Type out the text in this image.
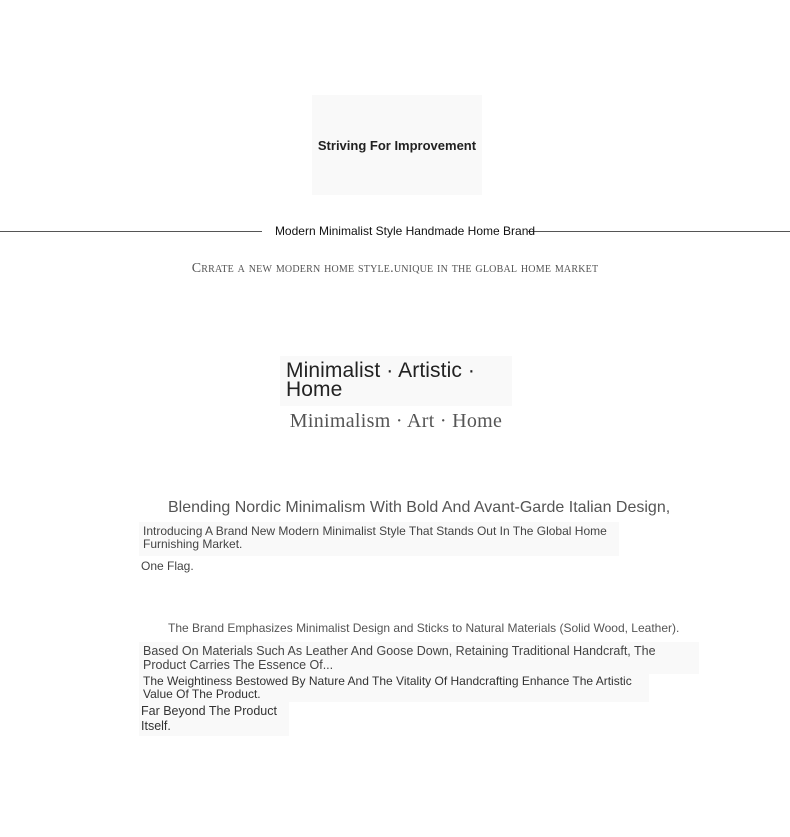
Striving For Improvement

Modern Minimalist Style Handmade Home Brand

Crrate a new modern home style.unique in the global home market

Minimalist · Artistic · Home
Minimalism · Art · Home

Blending Nordic Minimalism With Bold And Avant-Garde Italian Design,

Introducing A Brand New Modern Minimalist Style That Stands Out In The Global Home Furnishing Market.

One Flag.

The Brand Emphasizes Minimalist Design and Sticks to Natural Materials (Solid Wood, Leather).

Based On Materials Such As Leather And Goose Down, Retaining Traditional Handcraft, The Product Carries The Essence Of...

The Weightiness Bestowed By Nature And The Vitality Of Handcrafting Enhance The Artistic Value Of The Product.

Far Beyond The Product Itself.
